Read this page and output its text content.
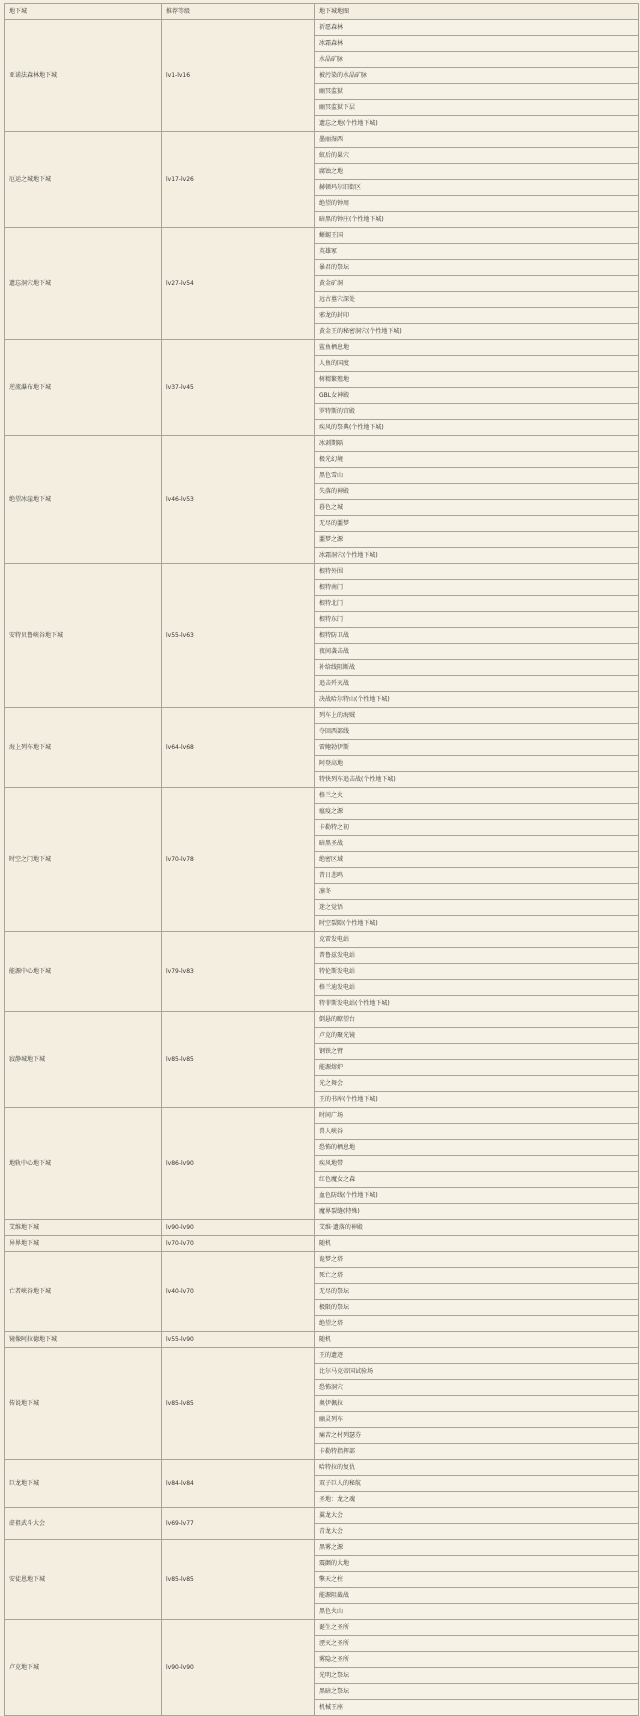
地下城	推荐等级	地下城地图
亚诺法森林地下城	lv1-lv16	祈愿森林
		冰霜森林
		水晶矿脉
		被污染的水晶矿脉
		幽冥监狱
		幽冥监狱下层
		遗忘之地(个性地下城)
厄运之城地下城	lv17-lv26	墨丽湿西
		蚁后的巢穴
		腐蚀之地
		赫顿玛尔旧街区
		绝望的钟周
		暗黑的钟庄(个性地下城)
遗忘洞穴地下城	lv27-lv54	蜥蜴王国
		英雄冢
		暴君的祭坛
		黄金矿洞
		远古墓穴深处
		邪龙的封印
		黄金王的秘密洞穴(个性地下城)
逆流瀑布地下城	lv37-lv45	鲨鱼栖息地
		人鱼的国度
		树精繁殖地
		GBL女神殿
		罗特斯的宫殿
		疾风的祭典(个性地下城)
绝望冰崖地下城	lv46-lv53	冰剥期隔
		极光幻境
		黑色雪山
		失落的神殿
		暮色之城
		无尽的噩梦
		噩梦之源
		冰霜洞穴(个性地下城)
安特贝鲁峡谷地下城	lv55-lv63	根特外围
		根特南门
		根特北门
		根特东门
		根特防卫战
		夜间袭击战
		补给线阻断战
		追击歼灭战
		决战哈尔特山(个性地下城)
海上列车地下城	lv64-lv68	列车上的海贼
		夺回西部线
		雷鲍勃伊斯
		阿登高地
		特快列车追击战(个性地下城)
时空之门地下城	lv70-lv78	格兰之火
		瘟疫之源
		卡勒特之初
		暗黑圣战
		绝密区域
		昔日悲鸣
		凛冬
		迷之觉悟
		时空裂隙(个性地下城)
能源中心地下城	lv79-lv83	克雷发电站
		普鲁兹发电站
		特伦斯发电站
		格兰迪发电站
		特菲斯发电站(个性地下城)
寂静城地下城	lv85-lv85	倒悬的瞭望台
		卢克的聚光镜
		钢铁之臂
		能源熔炉
		光之舞会
		王的书库(个性地下城)
地轨中心地下城	lv86-lv90	时间广场
		兽人峡谷
		恐怖的栖息地
		疾风地带
		红色魔女之森
		血色防线(个性地下城)
		魔界裂缝(特殊)
艾维地下城	lv90-lv90	艾维·遗落的神殿
异界地下城	lv70-lv70	随机
亡者峡谷地下城	lv40-lv70	诡梦之塔
		死亡之塔
		无尽的祭坛
		极限的祭坛
		绝望之塔
镜像阿拉德地下城	lv55-lv90	随机
传说地下城	lv85-lv85	王的遗迹
		比尔马克帝国试验场
		恐怖洞穴
		奥伊佩拉
		幽灵列车
		痛苦之村列瑟芬
		卡勒特指挥部
巨龙地下城	lv84-lv84	哈特拉的复仇
		双子巨人的秘航
		圣地：龙之魂
虚祖武斗大会	lv69-lv77	翼龙大会
		青龙大会
安徒恩地下城	lv85-lv85	黑雾之源
		震颤的大地
		擎天之柱
		能源阻截战
		黑色火山
卢克地下城	lv90-lv90	诞生之圣所
		湮灭之圣所
		雾隐之圣所
		光明之祭坛
		黑暗之祭坛
		机械王座
